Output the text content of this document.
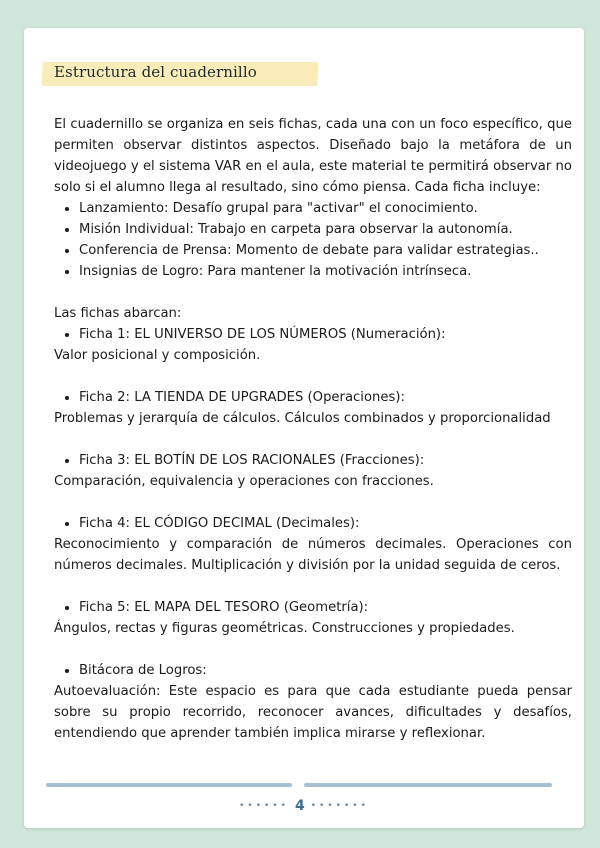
Estructura del cuadernillo

El cuadernillo se organiza en seis fichas, cada una con un foco específico, que permiten observar distintos aspectos. Diseñado bajo la metáfora de un videojuego y el sistema VAR en el aula, este material te permitirá observar no solo si el alumno llega al resultado, sino cómo piensa. Cada ficha incluye:

• Lanzamiento: Desafío grupal para "activar" el conocimiento.
• Misión Individual: Trabajo en carpeta para observar la autonomía.
• Conferencia de Prensa: Momento de debate para validar estrategias..
• Insignias de Logro: Para mantener la motivación intrínseca.

Las fichas abarcan:

• Ficha 1: EL UNIVERSO DE LOS NÚMEROS (Numeración):

Valor posicional y composición.

• Ficha 2: LA TIENDA DE UPGRADES (Operaciones):

Problemas y jerarquía de cálculos. Cálculos combinados y proporcionalidad

• Ficha 3: EL BOTÍN DE LOS RACIONALES (Fracciones):

Comparación, equivalencia y operaciones con fracciones.

• Ficha 4: EL CÓDIGO DECIMAL (Decimales):

Reconocimiento y comparación de números decimales. Operaciones con números decimales. Multiplicación y división por la unidad seguida de ceros.

• Ficha 5: EL MAPA DEL TESORO (Geometría):

Ángulos, rectas y figuras geométricas. Construcciones y propiedades.

• Bitácora de Logros:

Autoevaluación: Este espacio es para que cada estudiante pueda pensar sobre su propio recorrido, reconocer avances, dificultades y desafíos, entendiendo que aprender también implica mirarse y reflexionar.

•••••• 4 •••••••
